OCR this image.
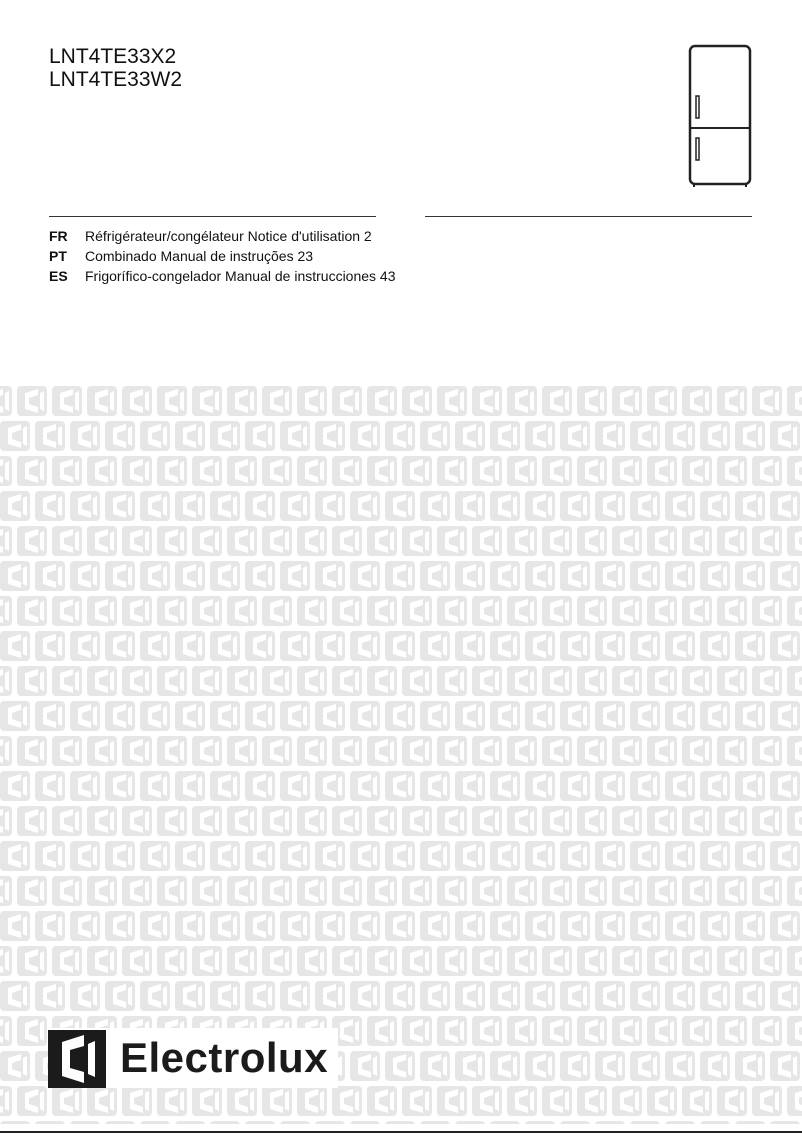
LNT4TE33X2
LNT4TE33W2
FR Réfrigérateur/congélateur Notice d'utilisation 2
PT Combinado Manual de instruções 23
ES Frigorífico-congelador Manual de instrucciones 43
Electrolux
